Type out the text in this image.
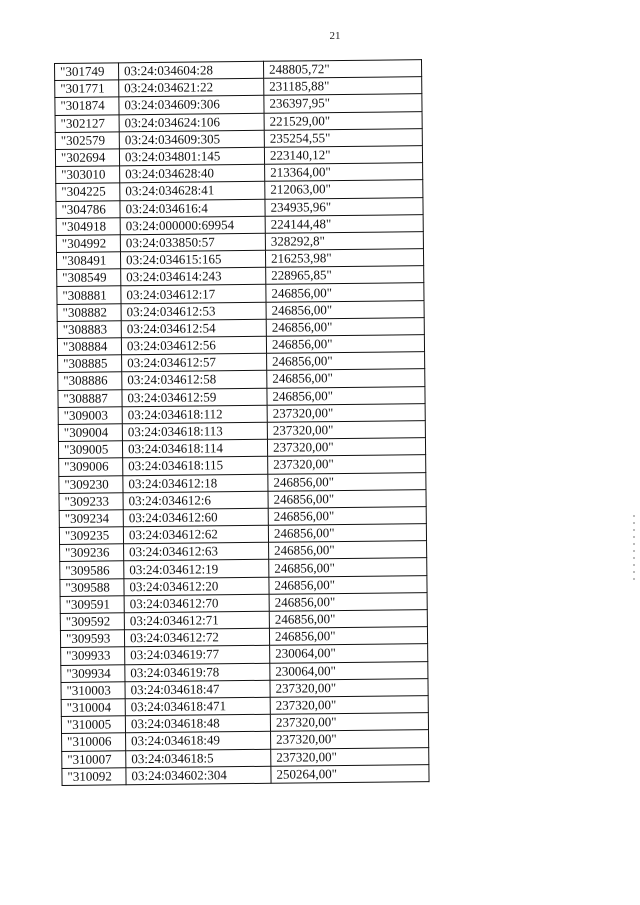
21
"301749	03:24:034604:28	248805,72"
"301771	03:24:034621:22	231185,88"
"301874	03:24:034609:306	236397,95"
"302127	03:24:034624:106	221529,00"
"302579	03:24:034609:305	235254,55"
"302694	03:24:034801:145	223140,12"
"303010	03:24:034628:40	213364,00"
"304225	03:24:034628:41	212063,00"
"304786	03:24:034616:4	234935,96"
"304918	03:24:000000:69954	224144,48"
"304992	03:24:033850:57	328292,8"
"308491	03:24:034615:165	216253,98"
"308549	03:24:034614:243	228965,85"
"308881	03:24:034612:17	246856,00"
"308882	03:24:034612:53	246856,00"
"308883	03:24:034612:54	246856,00"
"308884	03:24:034612:56	246856,00"
"308885	03:24:034612:57	246856,00"
"308886	03:24:034612:58	246856,00"
"308887	03:24:034612:59	246856,00"
"309003	03:24:034618:112	237320,00"
"309004	03:24:034618:113	237320,00"
"309005	03:24:034618:114	237320,00"
"309006	03:24:034618:115	237320,00"
"309230	03:24:034612:18	246856,00"
"309233	03:24:034612:6	246856,00"
"309234	03:24:034612:60	246856,00"
"309235	03:24:034612:62	246856,00"
"309236	03:24:034612:63	246856,00"
"309586	03:24:034612:19	246856,00"
"309588	03:24:034612:20	246856,00"
"309591	03:24:034612:70	246856,00"
"309592	03:24:034612:71	246856,00"
"309593	03:24:034612:72	246856,00"
"309933	03:24:034619:77	230064,00"
"309934	03:24:034619:78	230064,00"
"310003	03:24:034618:47	237320,00"
"310004	03:24:034618:471	237320,00"
"310005	03:24:034618:48	237320,00"
"310006	03:24:034618:49	237320,00"
"310007	03:24:034618:5	237320,00"
"310092	03:24:034602:304	250264,00"
